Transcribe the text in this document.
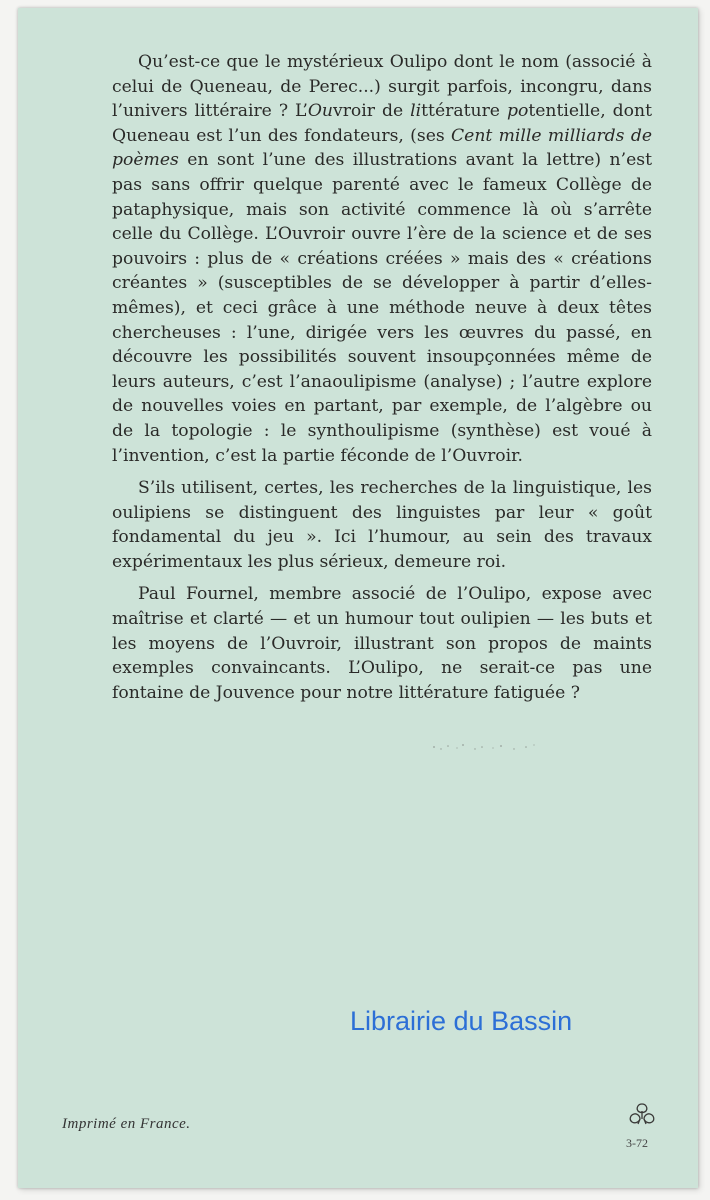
Qu’est-ce que le mystérieux Oulipo dont le nom (associé à celui de Queneau, de Perec...) surgit parfois, incongru, dans l’univers littéraire ? L’Ouvroir de littérature potentielle, dont Queneau est l’un des fondateurs, (ses Cent mille milliards de poèmes en sont l’une des illustrations avant la lettre) n’est pas sans offrir quelque parenté avec le fameux Collège de pataphysique, mais son activité commence là où s’arrête celle du Collège. L’Ouvroir ouvre l’ère de la science et de ses pouvoirs : plus de « créations créées » mais des « créations créantes » (susceptibles de se développer à partir d’elles-mêmes), et ceci grâce à une méthode neuve à deux têtes chercheuses : l’une, dirigée vers les œuvres du passé, en découvre les possibilités souvent insoupçonnées même de leurs auteurs, c’est l’anaoulipisme (analyse) ; l’autre explore de nouvelles voies en partant, par exemple, de l’algèbre ou de la topologie : le synthoulipisme (synthèse) est voué à l’invention, c’est la partie féconde de l’Ouvroir.

S’ils utilisent, certes, les recherches de la linguistique, les oulipiens se distinguent des linguistes par leur « goût fondamental du jeu ». Ici l’humour, au sein des travaux expérimentaux les plus sérieux, demeure roi.

Paul Fournel, membre associé de l’Oulipo, expose avec maîtrise et clarté — et un humour tout oulipien — les buts et les moyens de l’Ouvroir, illustrant son propos de maints exemples convaincants. L’Oulipo, ne serait-ce pas une fontaine de Jouvence pour notre littérature fatiguée ?

Librairie du Bassin
Imprimé en France.
3-72
